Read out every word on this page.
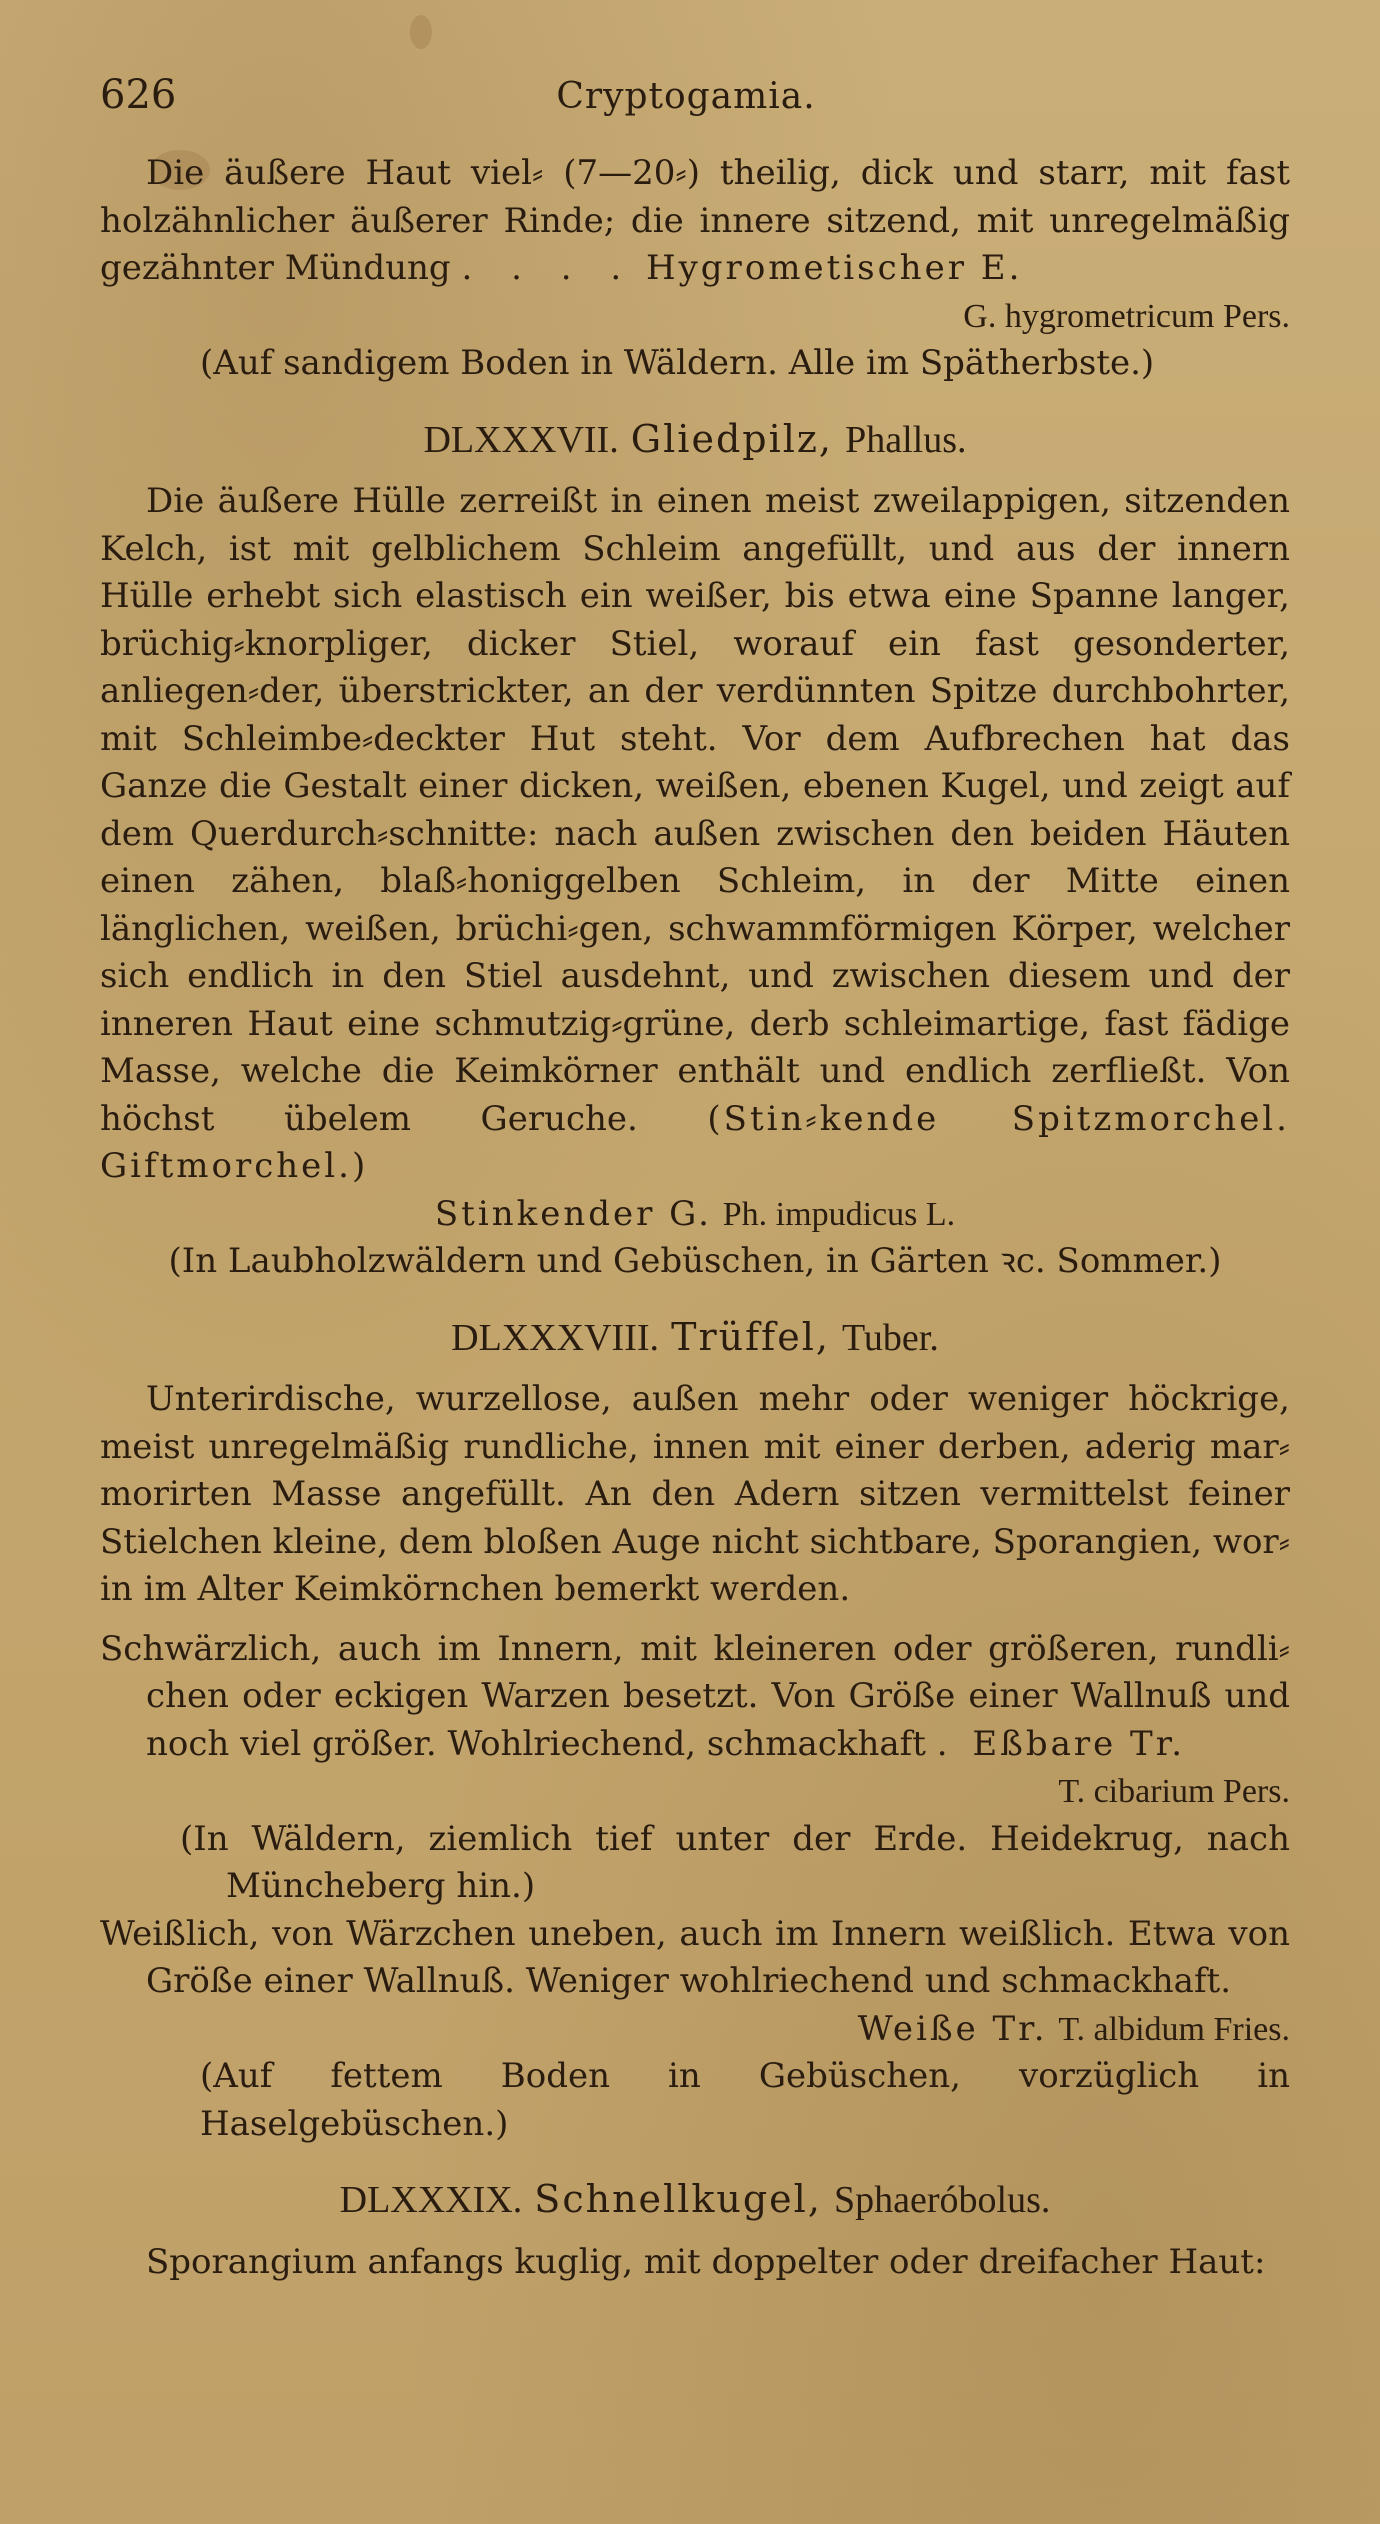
626	Cryptogamia.

Die äußere Haut viel⸗ (7—20⸗) theilig, dick und starr, mit fast holzähnlicher äußerer Rinde; die innere sitzend, mit unregelmäßig gezähnter Mündung . . . . Hygrometischer E.

G. hygrometricum Pers.

(Auf sandigem Boden in Wäldern. Alle im Spätherbste.)

DLXXXVII. Gliedpilz, Phallus.

Die äußere Hülle zerreißt in einen meist zweilappigen, sitzenden Kelch, ist mit gelblichem Schleim angefüllt, und aus der innern Hülle erhebt sich elastisch ein weißer, bis etwa eine Spanne langer, brüchig⸗knorpliger, dicker Stiel, worauf ein fast gesonderter, anliegen⸗der, überstrickter, an der verdünnten Spitze durchbohrter, mit Schleimbe⸗deckter Hut steht. Vor dem Aufbrechen hat das Ganze die Gestalt einer dicken, weißen, ebenen Kugel, und zeigt auf dem Querdurch⸗schnitte: nach außen zwischen den beiden Häuten einen zähen, blaß⸗honiggelben Schleim, in der Mitte einen länglichen, weißen, brüchi⸗gen, schwammförmigen Körper, welcher sich endlich in den Stiel ausdehnt, und zwischen diesem und der inneren Haut eine schmutzig⸗grüne, derb schleimartige, fast fädige Masse, welche die Keimkörner enthält und endlich zerfließt. Von höchst übelem Geruche. (Stin⸗kende Spitzmorchel. Giftmorchel.)

Stinkender G. Ph. impudicus L.

(In Laubholzwäldern und Gebüschen, in Gärten ꝛc. Sommer.)

DLXXXVIII. Trüffel, Tuber.

Unterirdische, wurzellose, außen mehr oder weniger höckrige, meist unregelmäßig rundliche, innen mit einer derben, aderig mar⸗morirten Masse angefüllt. An den Adern sitzen vermittelst feiner Stielchen kleine, dem bloßen Auge nicht sichtbare, Sporangien, wor⸗in im Alter Keimkörnchen bemerkt werden.

Schwärzlich, auch im Innern, mit kleineren oder größeren, rundli⸗chen oder eckigen Warzen besetzt. Von Größe einer Wallnuß und noch viel größer. Wohlriechend, schmackhaft . Eßbare Tr.

T. cibarium Pers.

(In Wäldern, ziemlich tief unter der Erde. Heidekrug, nach Müncheberg hin.)

Weißlich, von Wärzchen uneben, auch im Innern weißlich. Etwa von Größe einer Wallnuß. Weniger wohlriechend und schmackhaft.

Weiße Tr. T. albidum Fries.

(Auf fettem Boden in Gebüschen, vorzüglich in Haselgebüschen.)

DLXXXIX. Schnellkugel, Sphaeróbolus.

Sporangium anfangs kuglig, mit doppelter oder dreifacher Haut:
